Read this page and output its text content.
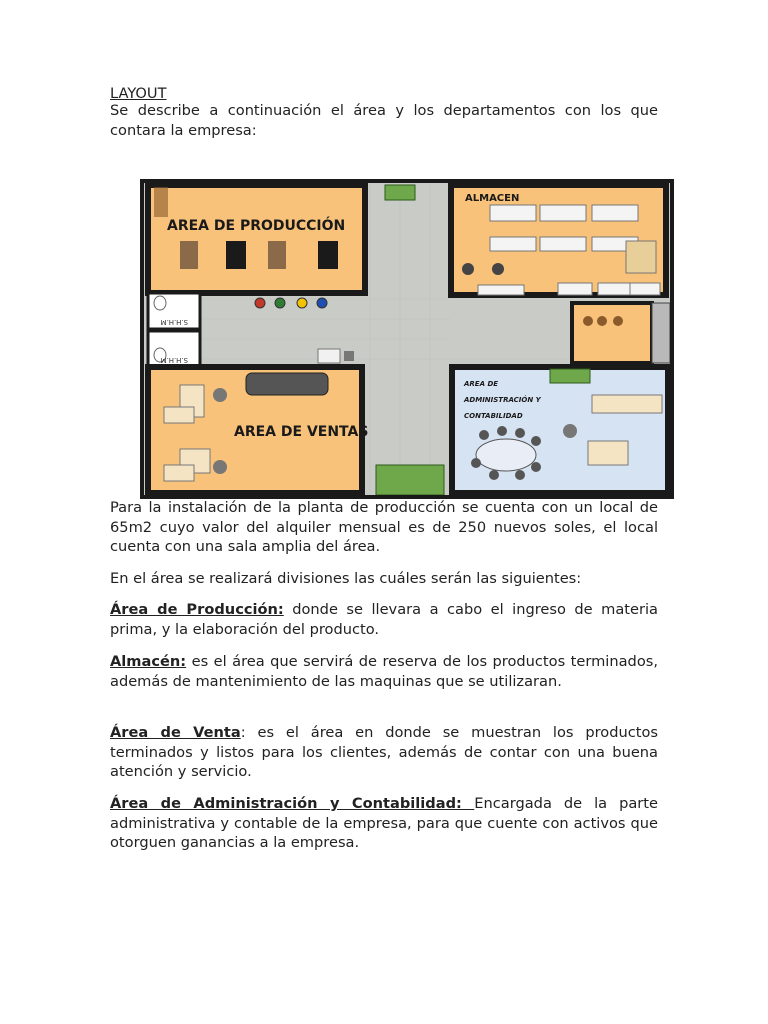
LAYOUT
Se describe a continuación el área y los departamentos con los que contara la empresa:
AREA DE PRODUCCIÓN
ALMACEN
S.H.H.M
S.H.H.M
AREA DE VENTAS
AREA DE
ADMINISTRACIÓN Y
CONTABILIDAD
Para la instalación de la planta de producción se cuenta con un local de 65m2 cuyo valor del alquiler mensual es de 250 nuevos soles, el local cuenta con una sala amplia del área.
En el área se realizará divisiones las cuáles serán las siguientes:
Área de Producción: donde se llevara a cabo el ingreso de materia prima, y la elaboración del producto.
Almacén: es el área que servirá de reserva de los productos terminados, además de mantenimiento de las maquinas que se utilizaran.
Área de Venta: es el área en donde se muestran los productos terminados y listos para los clientes, además de contar con una buena atención y servicio.
Área de Administración y Contabilidad: Encargada de la parte administrativa y contable de la empresa, para que cuente con activos que otorguen ganancias a la empresa.
